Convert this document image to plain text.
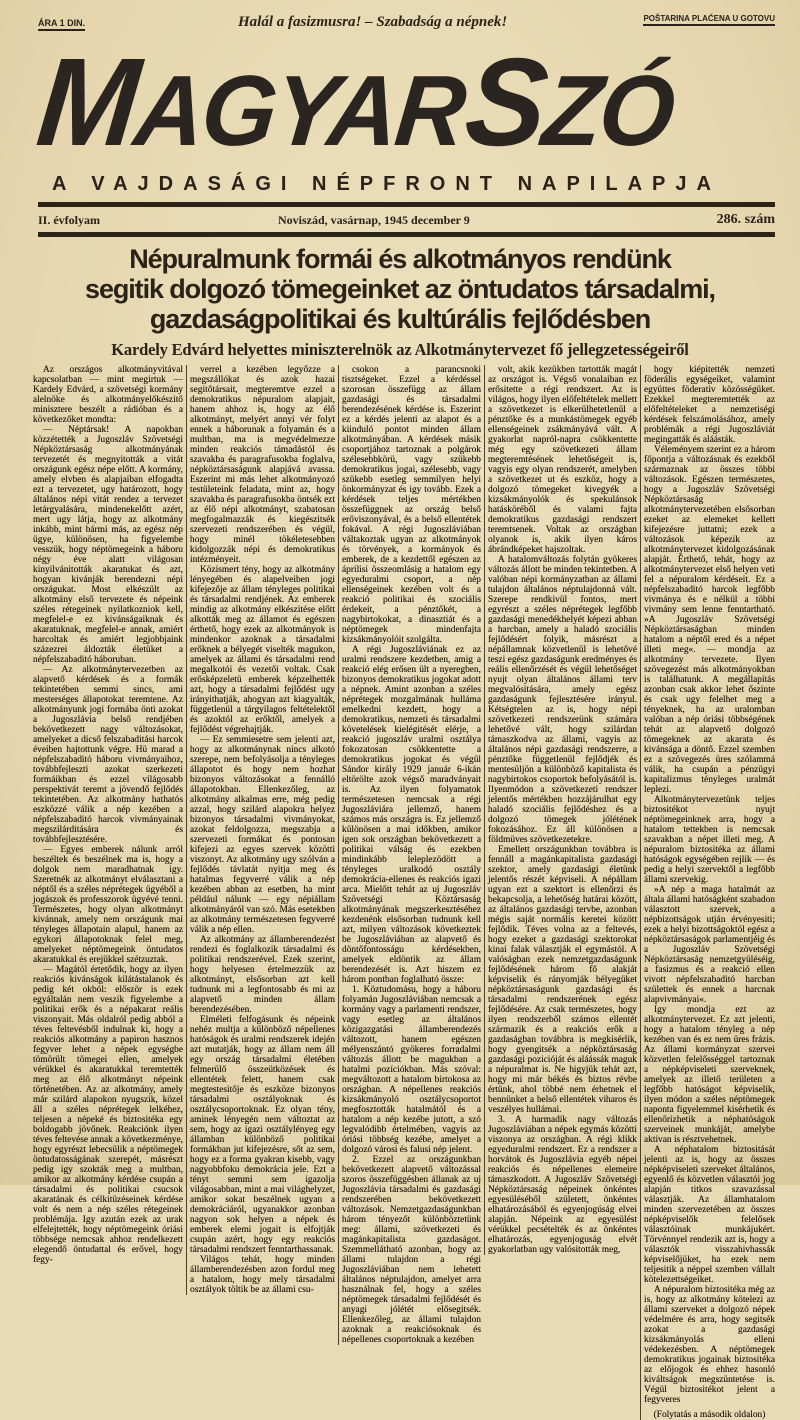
ÁRA 1 DIN.	Halál a fasizmusra! – Szabadság a népnek!	POŠTARINA PLAĆENA U GOTOVU
MAGYAR SZÓ
A VAJDASÁGI NÉPFRONT NAPILAPJA
II. évfolyam	Noviszád, vasárnap, 1945 december 9	286. szám
Népuralmunk formái és alkotmányos rendünk
segitik dolgozó tömegeinket az öntudatos társadalmi,
gazdaságpolitikai és kultúrális fejlődésben
Kardely Edvárd helyettes miniszterelnök az Alkotmánytervezet fő jellegzetességeiről

Az országos alkotmányvitával kapcsolatban — mint megirtuk — Kardely Edvárd, a szövetségi kormány alelnöke és alkotmányelőkészitő minisztere beszélt a rádióban és a következőket mondta:

— Néptársak! A napokban közzétették a Jugoszláv Szövetségi Népköztársaság alkotmányának tervezetét és megnyitották a vitát országunk egész népe előtt. A kormány, amely elvben és alapjaiban elfogadta ezt a tervezetet, ugy határozott, hogy általános népi vitát rendez a tervezet letárgyalására, mindenekelőtt azért, mert ugy látja, hogy az alkotmány inkább, mint bármi más, az egész nép ügye, különösen, ha figyelembe vesszük, hogy néptömegeink a háboru négy éve alatt világosan kinyilvánitották akaratukat és azt, hogyan kivánják berendezni népi országukat. Most elkészült az alkotmány első tervezete és népeink széles rétegeinek nyilatkozniok kell, megfelel-e ez kivánságaiknak és akaratuknak, megfelel-e annak, amiért harcoltak és amiért legjobbjaink százezrei áldozták életüket a népfelszabaditó háboruban.

— Az alkotmánytervezetben az alapvető kérdések és a formák tekintetében semmi sincs, ami mesterséges állapotokat teremtene. Az alkotmányunk jogi formába önti azokat a Jugoszlávia belső rendjében bekövetkezett nagy változásokat, amelyeket a dicső felszabaditási harcok éveiben hajtottunk végre. Hü marad a népfelszabaditó háboru vivmányaihoz, továbbfejleszti azokat szerkezeti formáikban és ezzel világosabb perspektivát teremt a jövendő fejlődés tekintetében. Az alkotmány hathatós eszközzé válik a nép kezében a népfelszabaditó harcok vivmányainak megszilárditására és továbbfejlesztésére.

— Egyes emberek nálunk arról beszéltek és beszélnek ma is, hogy a dolgok nem maradhatnak igy. Szeretnék az alkotmányt elválasztani a néptől és a széles néprétegek ügyéből a jogászok és professzorok ügyévé tenni. Természetes, hogy olyan alkotmányt kivánnak, amely nem országunk mai tényleges állapotain alapul, hanem az egykori állapotoknak felel meg, amelyeket néptömegeink öntudatos akaratukkal és erejükkel szétzuztak.

— Magától értetődik, hogy az ilyen reakciós kivánságok kilátástalanok és pedig két okból: először is ezek egyáltalán nem veszik figyelembe a politikai erők és a népakarat reális viszonyait. Más oldalról pedig abból a téves feltevésből indulnak ki, hogy a reakciós alkotmány a papiron hasznos fegyver lehet a népek egységbe tömörült tömegei ellen, amelyek vérükkel és akaratukkal teremtették meg az élő alkotmányt népeink történetében. Az az alkotmány, amely már szilárd alapokon nyugszik, közel áll a széles néprétegek lelkéhez, teljesen a népeké és biztositéka egy boldogabb jövőnek. Reakciónk ilyen téves feltevése annak a következménye, hogy egyrészt lebecsülik a néptömegek öntudatosságának szerepét, másrészt pedig igy szokták meg a multban, amikor az alkotmány kérdése csupán a társadalmi és politikai csucsok akaratának és célkitüzéseinek kérdése volt és nem a nép széles rétegeinek problémája. Igy azután ezek az urak elfelejtették, hogy néptömegeink óriási többsége nemcsak ahhoz rendelkezett elegendő öntudattal és erővel, hogy fegy-

verrel a kezében legyőzze a megszállókat és azok hazai segitőtársait, megteremtve ezzel a demokratikus népuralom alapjait, hanem ahhoz is, hogy az élő alkotmányt, melyért annyi vér folyt ennek a háborunak a folyamán és a multban, ma is megvédelmezze minden reakciós támadástól és szavakba és paragrafusokba foglalva, népköztársaságunk alapjává avassa. Eszerint mi más lehet alkotmányozó testületeink feladata, mint az, hogy szavakba és paragrafusokba öntsék ezt az élő népi alkotmányt, szabatosan megfogalmazzák és kiegészitsék szervezeti rendszerében és végül, hogy minél tökéletesebben kidolgozzák népi és demokratikus intézményeit.

Közismert tény, hogy az alkotmány lényegében és alapelveiben jogi kifejezője az állam tényleges politikai és társadalmi rendjének. Az emberek mindig az alkotmány elkészitése előtt alkották meg az államot és egészen érthető, hogy ezek az alkotmányok is mindenkor azoknak a társadalmi erőknek a bélyegét viselték magukon, amelyek az állami és társadalmi rend megalkotói és vezetői voltak. Csak erősképzeletü emberek képzelhették azt, hogy a társadalmi fejlődést ugy irányithatják, ahogyan azt kiagyalták, függetlenül a tárgyilagos feltételektől és azoktól az erőktől, amelyek a fejlődést végrehajtják.

— Ez semmiesetre sem jelenti azt, hogy az alkotmánynak nincs alkotó szerepe, nem befolyásolja a tényleges állapotot és hogy nem hozhat bizonyos változásokat a fennálló állapotokban. Ellenkezőleg, az alkotmány alkalmas erre, még pedig azzal, hogy szilárd alapokra helyez bizonyos társadalmi vivmányokat, azokat feldolgozza, megszabja a szervezeti formákat és pontosan kifejezi az egyes szervek közötti viszonyt. Az alkotmány ugy szólván a fejlődés távlatát nyitja meg és hatalmas fegyverré válik a nép kezében abban az esetben, ha mint például nálunk — egy népiállam alkotmányáról van szó. Más esetekben az alkotmány természetesen fegyverré válik a nép ellen.

Az alkotmány az államberendezést rendezi és foglalkozik társadalmi és politikai rendszerével. Ezek szerint, hogy helyesen értelmezzük az alkotmányt, elsősorban azt kell tudnunk mi a legfontosabb és mi az alapvető minden állam berendezésében.

Elméleti felfogásunk és népeink nehéz multja a különböző népellenes hatóságok és uralmi rendszerek idején azt mutatják, hogy az állam nem áll egy ország társadalmi életében felmerülő összeütközések és ellentétek felett, hanem csak megtestesitője és eszköze bizonyos társadalmi osztályoknak és osztálycsoportoknak. Ez olyan tény, aminek lényegén nem változtat az sem, hogy az igazi osztálylényeg egy államban különböző politikai formákban jut kifejezésre, sőt az sem, hogy ez a forma gyakran kisebb, vagy nagyobbfoku demokrácia jele. Ezt a tényt semmi sem igazolja világosabban, mint a mai világhelyzet, amikor sokat beszélnek ugyan a demokráciáról, ugyanakkor azonban nagyon sok helyen a népek és emberek elemi jogait is elfojtják csupán azért, hogy egy reakciós társadalmi rendszert fenntarthassanak.

Világos tehát, hogy minden államberendezésben azon fordul meg a hatalom, hogy mely társadalmi osztályok töltik be az állami csu-

csokon a parancsnoki tisztségeket. Ezzel a kérdéssel szorosan összefügg az állam gazdasági és társadalmi berendezésének kérdése is. Eszerint ez a kérdés jelenti az alapot és a kiinduló pontot minden állam alkotmányában. A kérdések másik csoportjához tartoznak a polgárok szélesebbkörü, vagy szükebb demokratikus jogai, szélesebb, vagy szükebb esetleg semmilyen helyi önkormányzat és igy tovább. Ezek a kérdések teljes mértékben összefüggnek az ország belső erőviszonyával, és a belső ellentétek fokával. A régi Jugoszláviában váltakoztak ugyan az alkotmányok és törvények, a kormányok és emberek, de a kezdettől egészen az áprilisi összeomlásig a hatalom egy egyeduralmi csoport, a nép ellenségeinek kezében volt és a reakció politikai és szociális érdekeit, a pénztőkét, a nagybirtokokat, a dinasztiát és a néptömegek mindenfajta kizsákmányolóit szolgálta.

A régi Jugoszláviának ez az uralmi rendszere kezdetben, amig a reakció elég erősen ült a nyeregben, bizonyos demokratikus jogokat adott a népnek. Amint azonban a széles néprétegek mozgalmának hulláma emelkedni kezdett, hogy a demokratikus, nemzeti és társadalmi követelések kielégitését elérje, a reakció jugoszláv uralmi osztálya fokozatosan csökkentette a demokratikus jogokat és végül Sándor király 1929 január 6-ikán eltörölte azok végső maradványait is. Az ilyen folyamatok természetesen nemcsak a régi Jugoszláviára jellemző, hanem számos más országra is. Ez jellemző különösen a mai időkben, amikor igen sok országban bekövetkezett a politikai válság és ezekben mindinkább leleplezödött a tényleges uralkodó osztály demokrácia-ellenes és reakciós igazi arca. Mielőtt tehát az uj Jugoszláv Szövetségi Köztársaság alkotmányának megszerkesztéséhez kezdenénk elsősorban tudnunk kell azt, milyen változások következtek be Jugoszláviában az alapvető és döntőfontosságu kérdésekben, amelyek eldöntik az állam berendezését is. Azt hiszem ez három pontban foglalható össze:

1. Köztudomásu, hogy a háboru folyamán Jugoszláviában nemcsak a kormány vagy a parlamenti rendszer, vagy esetleg az általános közigazgatási államberendezés változott, hanem egészen mélyenszántó gyökeres forradalmi változás állott be magukban a hatalmi pozíciókban. Más szóval: megváltozott a hatalom birtokosa az országban. A népellenes reakciós kizsákmányoló osztálycsoportot megfosztották hatalmától és a hatalom a nép kezébe jutott, a szó legvalódibb értelmében, vagyis az óriási többség kezébe, amelyet a dolgozó városi és falusi nép jelent.

2. Ezzel az országunkban bekövetkezett alapvető változással szoros összefüggésben állanak az uj Jugoszlávia társadalmi és gazdasági rendszerében bekövetkezett változások. Nemzetgazdaságunkban három tényezőt különböztetünk meg: állami, szövetkezeti és magánkapitalista gazdaságot. Szemmellátható azonban, hogy az állami tulajdon a régi Jugoszláviában nem lehetett általános néptulajdon, amelyet arra használnak fel, hogy a széles néptömegek társadalmi fejlődését és anyagi jólétét elősegitsék. Ellenkezőleg, az állami tulajdon azoknak a reakciósoknak és népellenes csoportoknak a kezében

volt, akik kezükben tartották magát az országot is. Végső vonalaiban ez erősitette a régi rendszert. Az is világos, hogy ilyen előfeltételek mellett a szövetkezet is elkerülhetetlenül a pénztőke és a munkástömegek egyéb ellenségeinek zsákmányává vált. A gyakorlat napról-napra csökkentette még egy szövetkezeti állam megteremtésének lehetőségeit is, vagyis egy olyan rendszerét, amelyben a szövetkezet ut és eszköz, hogy a dolgozó tömegeket kivegyék a kizsákmányolók és spekulánsok hatásköréből és valami fajta demokratikus gazdasági rendszert teremtsenek. Voltak az országban olyanok is, akik ilyen káros ábrándképeket hajszoltak.

A hatalomváltozás folytán gyökeres változás állott be minden tekintetben. A valóban népi kormányzatban az állami tulajdon általános néptulajdonná vált. Szerepe rendkivül fontos, mert egyrészt a széles néprétegek legfőbb gazdasági menedékhelyét képezi abban a harcban, amely a haladó szociális fejlődésért folyik, másrészt a népállamnak közvetlenül is lehetővé teszi egész gazdaságunk eredményes és reális ellenőrzését és végül lehetőséget nyujt olyan általános állami terv megvalósitására, amely egész gazdaságunk fejlesztésére irányul. Kétségtelen az is, hogy népi szövetkezeti rendszerünk számára lehetővé vált, hogy szilárdan támaszkodva az állami, vagyis az általános népi gazdasági rendszerre, a pénztőke függetlenül fejlődjék és mentesüljön a különböző kapitalista és nagybirtokos csoportok befolyásától is. Ilyenmódon a szövetkezeti rendszer jelentős mértékben hozzájárulhat egy haladó szociális fejlődéshez és a dolgozó tömegek jólétének fokozásához. Ez áll különösen a földmüves szövetkezetekre.

Emellett országunkban továbbra is fennáll a magánkapitalista gazdasági szektor, amely gazdasági életünk jelentős részét képviseli. A népállam ugyan ezt a szektort is ellenőrzi és bekapcsolja, a lehetőség határai között, az általános gazdasági tervbe, azonban mégis saját normális keretei között fejlődik. Téves volna az a feltevés, hogy ezeket a gazdasági szektorokat kinai falak választják el egymástól. A valóságban ezek nemzetgazdaságunk fejlődésének három fő alakját képviselik és rányomják bélyegüket népköztársaságunk gazdasági és társadalmi rendszerének egész fejlődésére. Az csak természetes, hogy ilyen rendszerből számos ellentét származik és a reakciós erők a gazdaságban továbbra is megkisérlik, hogy gyengitsék a népköztársaság gazdasági pozicióját és aláássák maguk a népuralmat is. Ne higyjük tehát azt, hogy mi már békés és biztos révbe értünk, ahol többé nem érhetnek el bennünket a belső ellentétek viharos és veszélyes hullámai.

3. A harmadik nagy változás Jugoszláviában a népek egymás közötti viszonya az országban. A régi klikk egyeduralmi rendszert. Ez a rendszer a horvátok és Jugoszlávia egyéb népei reakciós és népellenes elemeire támaszkodott. A Jugoszláv Szövetségi Népköztársaság népeinek önkéntes egyesüléséből született, önkéntes elhatározásából és egyenjogúság elvei alapján. Népeink az egyesülést vérükkel pecsételték és az önkéntes elhatározás, egyenjoguság elvét gyakorlatban ugy valósitották meg,

hogy kiépitették nemzeti föderális egységeiket, valamint együttes föderativ közösségüket. Ezekkel megteremtették az előfeltételeket a nemzetiségi kérdések felszámolásához, amely problémák a régi Jugoszláviát megingatták és aláásták.

Véleményem szerint ez a három főpontja a változásnak és ezekből származnak az összes többi változások. Egészen természetes, hogy a Jugoszláv Szövetségi Népköztársaság alkotmánytervezetében elsősorban ezeket az elemeket kellett kifejezésre juttatni; ezek a változások képezik az alkotmánytervezet kidolgozásának alapját. Érthető, tehát, hogy az alkotmánytervezet első helyen veti fel a népuralom kérdéseit. Ez a népfelszabaditó harcok legfőbb vivmánya és e nélkül a többi vivmány sem lenne fenntartható. »A Jugoszláv Szövetségi Népköztársaságban minden hatalom a néptől ered és a népet illeti meg«. — mondja az alkotmány tervezete. Ilyen szövegezést más alkotmányokban is találhatunk. A megállapítás azonban csak akkor lehet őszinte és csak ugy felelhet meg a tényeknek, ha az uralomban valóban a nép óriási többségének tehát az alapvető dolgozó tömegeknek az akarata és kivánsága a döntő. Ezzel szemben ez a szövegezés üres szólammá válik, ha csupán a pénzügyi kapitalizmus tényleges uralmát leplezi.

Alkotmánytervezetünk teljes biztositékot nyujt néptömegeinknek arra, hogy a hatalom tettekben is nemcsak szavakban a népet illeti meg. A népuralom biztositéka az állami hatóságok egységében rejlik — és pedig a helyi szervektől a legfőbb állami szervekig.

»A nép a maga hatalmát az általa állami hatóságként szabadon választott szervek, a népbizottságok utján érvényesiti; ezek a helyi bizottságoktól egész a népköztársaságok parlamentjéig és a Jugoszláv Szövetségi Népköztársaság nemzetgyüléséig, a fasizmus és a reakció ellen vivott népfelszabaditó harcban születtek és ennek a harcnak alapvivmányai«.

Igy mondja ezt az alkotmánytervezet. Ez azt jelenti, hogy a hatalom tényleg a nép kezében van és ez nem üres frázis. Az állami kormányzat szervei közvetlen felelősséggel tartoznak a népképviseleti szerveknek, amelyek az illető területen a legfőbb hatóságot képviselik, ilyen módon a széles néptömegek naponta figyelemmel kisérhetik és ellenőrizhetik a néphatóságok szerveinek munkáját, amelybe aktivan is résztvehetnek.

A néphatalom biztositását jelenti az is, hogy az összes népképviseleti szerveket általános, egyenlő és közvetlen választói jog alapján titkos szavazással választják. Az államhatalom minden szervezetében az összes népképviselők felelősek választóinak munkájukért. Törvénnyel rendezik azt is, hogy a választók visszahivhassák képviselőjüket, ha ezek nem teljesitik a néppel szemben vállalt kötelezettségeiket.

A népuralom biztositéka még az is, hogy az alkotmány kötelezi az állami szerveket a dolgozó népek védelmére és arra, hogy segitsék azokat a gazdasági kizsákmányolás elleni védekezésben. A néptömegek demokratikus jogainak biztositéka az előjogok és ehhez hasonló kiváltságok megszüntetése is. Végül biztositékot jelent a fegyveres

(Folytatás a második oldalon)
